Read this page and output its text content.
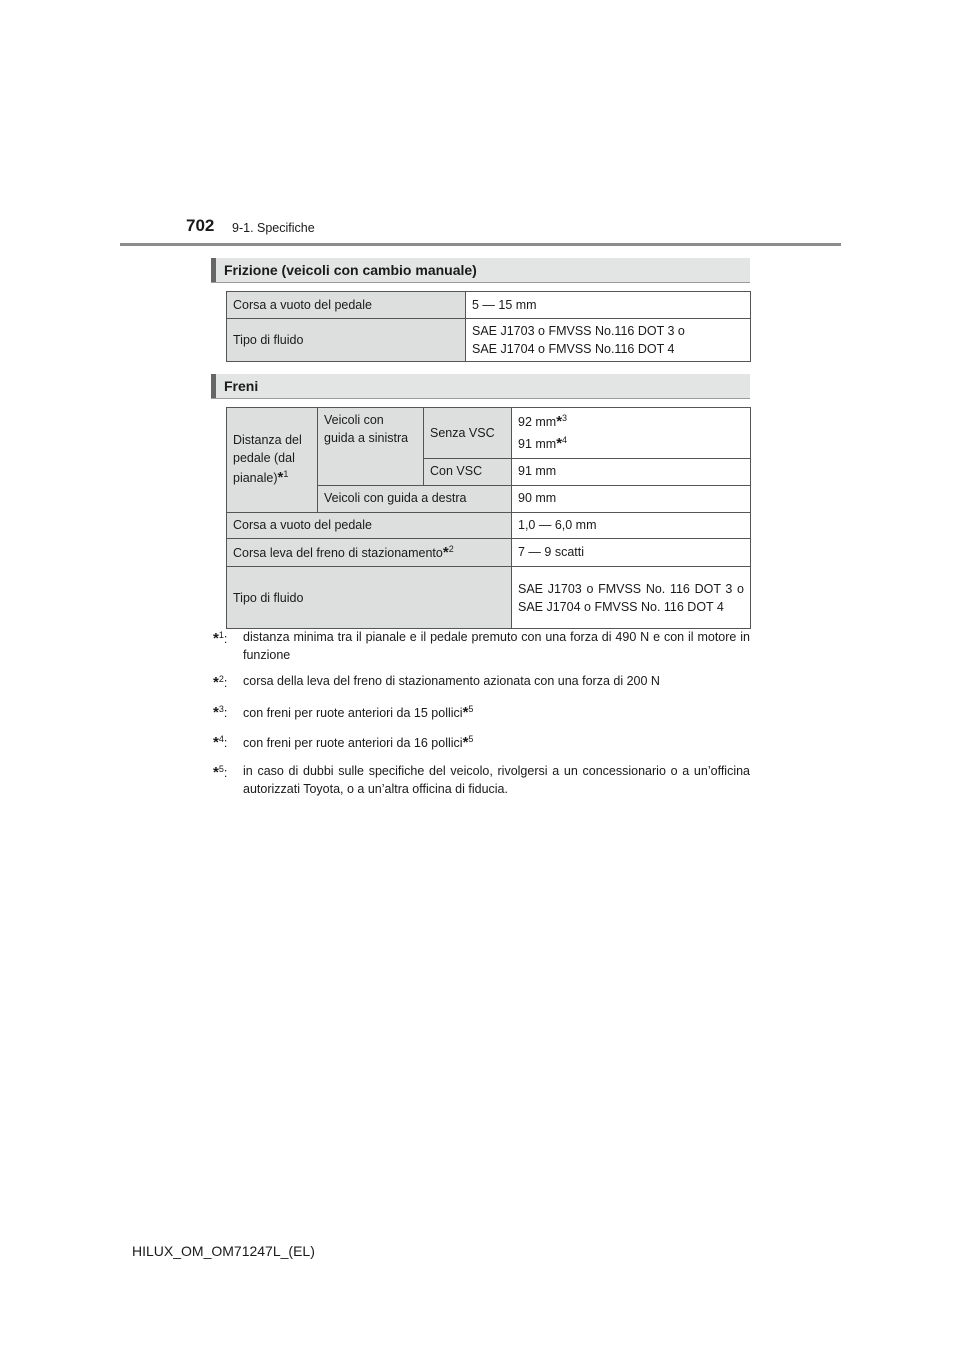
702 9-1. Specifiche
Frizione (veicoli con cambio manuale)
Corsa a vuoto del pedale	5 — 15 mm
Tipo di fluido	SAE J1703 o FMVSS No.116 DOT 3 o
SAE J1704 o FMVSS No.116 DOT 4
Freni
Distanza del pedale (dal pianale)*$^1$	Veicoli con guida a sinistra	Senza VSC	92 mm*$^3$
91 mm*$^4$

		Con VSC	91 mm
	Veicoli con guida a destra		90 mm
Corsa a vuoto del pedale			1,0 — 6,0 mm
Corsa leva del freno di stazionamento*$^2$			7 — 9 scatti
Tipo di fluido			SAE J1703 o FMVSS No. 116 DOT 3 o SAE J1704 o FMVSS No. 116 DOT 4
*$^1$:	distanza minima tra il pianale e il pedale premuto con una forza di 490 N e con il motore in funzione
*$^2$:	corsa della leva del freno di stazionamento azionata con una forza di 200 N
*$^3$:	con freni per ruote anteriori da 15 pollici*$^5$
*$^4$:	con freni per ruote anteriori da 16 pollici*$^5$
*$^5$:	in caso di dubbi sulle specifiche del veicolo, rivolgersi a un concessionario o a un’officina autorizzati Toyota, o a un’altra officina di fiducia.
HILUX_OM_OM71247L_(EL)
